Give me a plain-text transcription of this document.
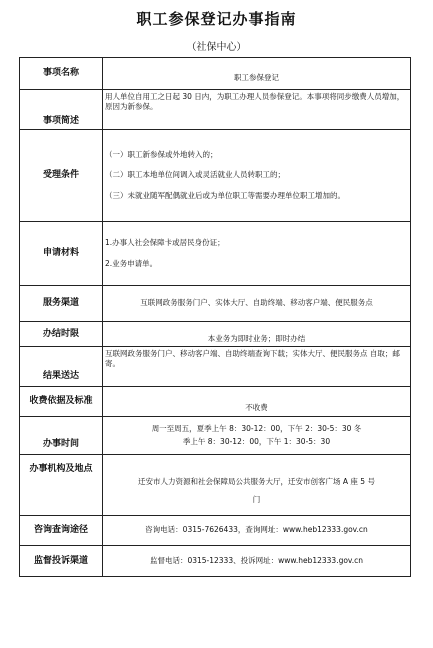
职工参保登记办事指南
（社保中心）
事项名称	职工参保登记

事项简述	用人单位自用工之日起 30 日内，为职工办理人员参保登记。本事项将同步缴费人员增加，原因为新参保。

受理条件	（一）职工新参保或外地转入的；
（二）职工本地单位间调入或灵活就业人员转职工的；
（三）未就业随军配偶就业后或为单位职工等需要办理单位职工增加的。

申请材料	1.办事人社会保障卡或居民身份证；
2.业务申请单。

服务渠道	互联网政务服务门户、实体大厅、自助终端、移动客户端、便民服务点

办结时限	本业务为即时业务；即时办结

结果送达	互联网政务服务门户、移动客户端、自助终端查询下载；实体大厅、便民服务点 自取；邮寄。

收费依据及标准	不收费

办事时间	周一至周五，夏季上午 8：30-12：00，下午 2：30-5：30 冬
季上午 8：30-12：00，下午 1：30-5：30

办事机构及地点	迁安市人力资源和社会保障局公共服务大厅，迁安市创客广场 A 座 5 号
门

咨询查询途径	咨询电话：0315-7626433，查询网址：www.heb12333.gov.cn

监督投诉渠道	监督电话：0315-12333、投诉网址：www.heb12333.gov.cn
